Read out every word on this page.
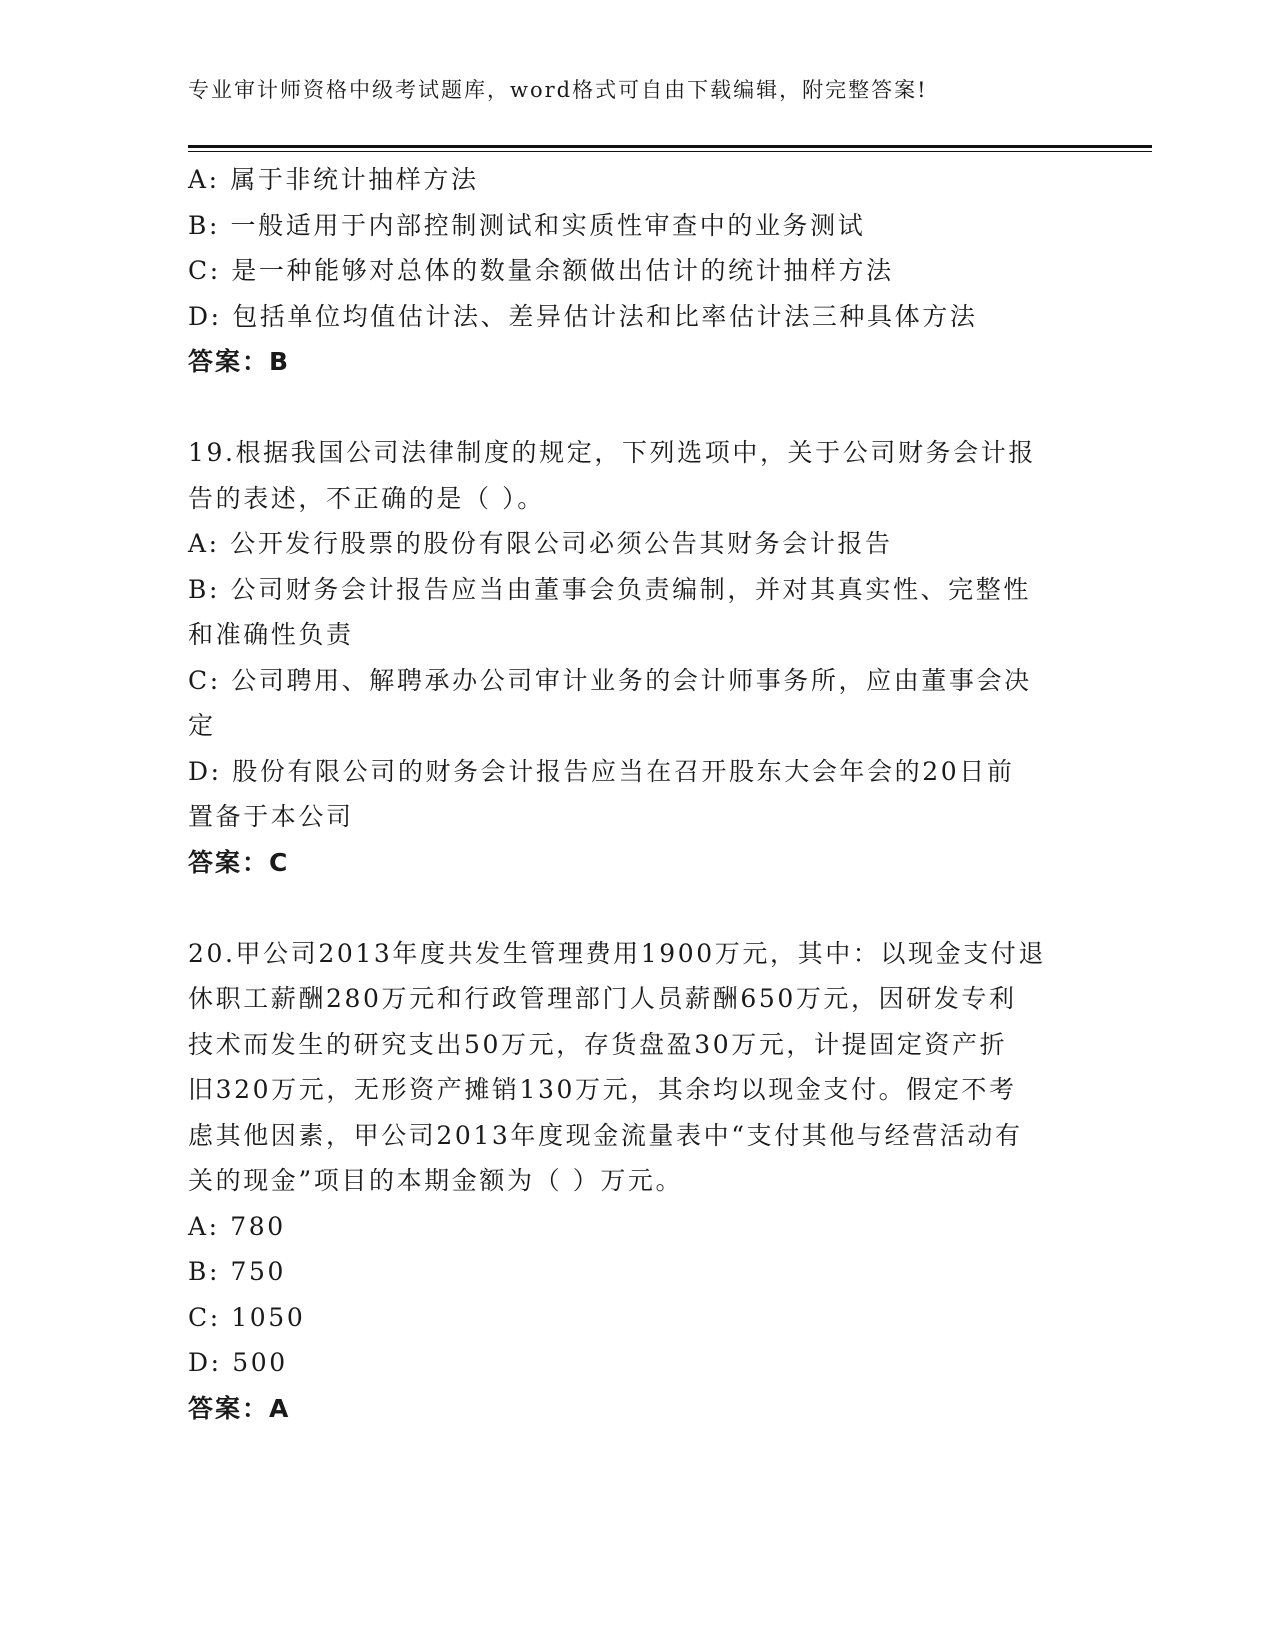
专业审计师资格中级考试题库，word格式可自由下载编辑，附完整答案!
A: 属于非统计抽样方法
B: 一般适用于内部控制测试和实质性审查中的业务测试
C: 是一种能够对总体的数量余额做出估计的统计抽样方法
D: 包括单位均值估计法、差异估计法和比率估计法三种具体方法
答案：B
19.根据我国公司法律制度的规定，下列选项中，关于公司财务会计报
告的表述，不正确的是（ ）。
A: 公开发行股票的股份有限公司必须公告其财务会计报告
B: 公司财务会计报告应当由董事会负责编制，并对其真实性、完整性
和准确性负责
C: 公司聘用、解聘承办公司审计业务的会计师事务所，应由董事会决
定
D: 股份有限公司的财务会计报告应当在召开股东大会年会的20日前
置备于本公司
答案：C
20.甲公司2013年度共发生管理费用1900万元，其中：以现金支付退
休职工薪酬280万元和行政管理部门人员薪酬650万元，因研发专利
技术而发生的研究支出50万元，存货盘盈30万元，计提固定资产折
旧320万元，无形资产摊销130万元，其余均以现金支付。假定不考
虑其他因素，甲公司2013年度现金流量表中“支付其他与经营活动有
关的现金”项目的本期金额为（ ）万元。
A: 780
B: 750
C: 1050
D: 500
答案：A
